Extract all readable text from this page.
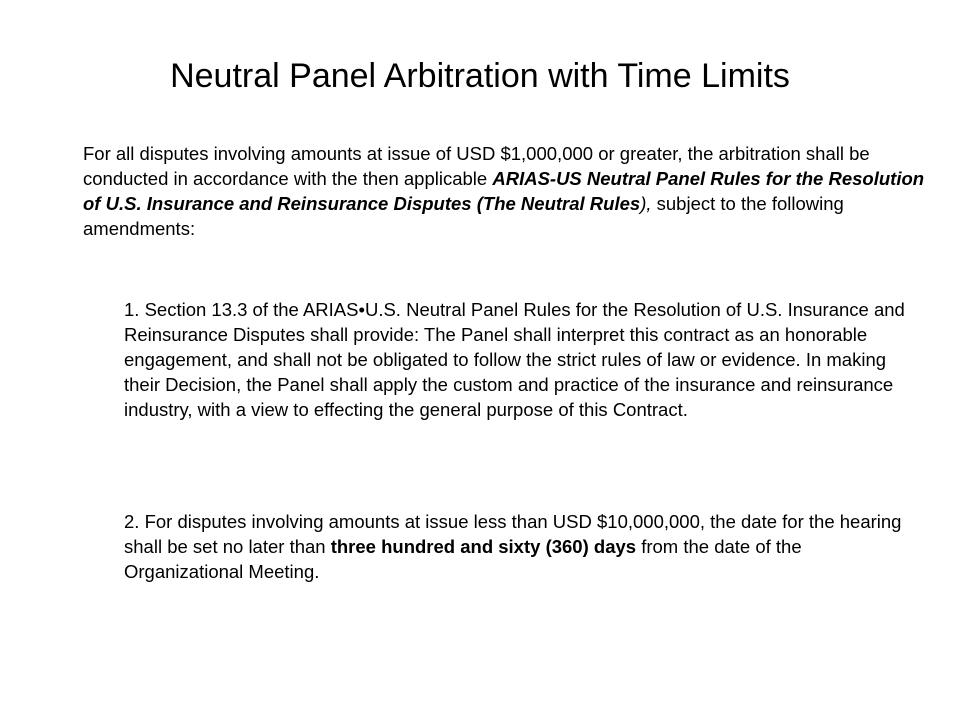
Neutral Panel Arbitration with Time Limits

For all disputes involving amounts at issue of USD $1,000,000 or greater, the arbitration shall be conducted in accordance with the then applicable ARIAS-US Neutral Panel Rules for the Resolution of U.S. Insurance and Reinsurance Disputes (The Neutral Rules), subject to the following amendments:

1. Section 13.3 of the ARIAS•U.S. Neutral Panel Rules for the Resolution of U.S. Insurance and Reinsurance Disputes shall provide: The Panel shall interpret this contract as an honorable engagement, and shall not be obligated to follow the strict rules of law or evidence. In making their Decision, the Panel shall apply the custom and practice of the insurance and reinsurance industry, with a view to effecting the general purpose of this Contract.

2. For disputes involving amounts at issue less than USD $10,000,000, the date for the hearing shall be set no later than three hundred and sixty (360) days from the date of the Organizational Meeting.
